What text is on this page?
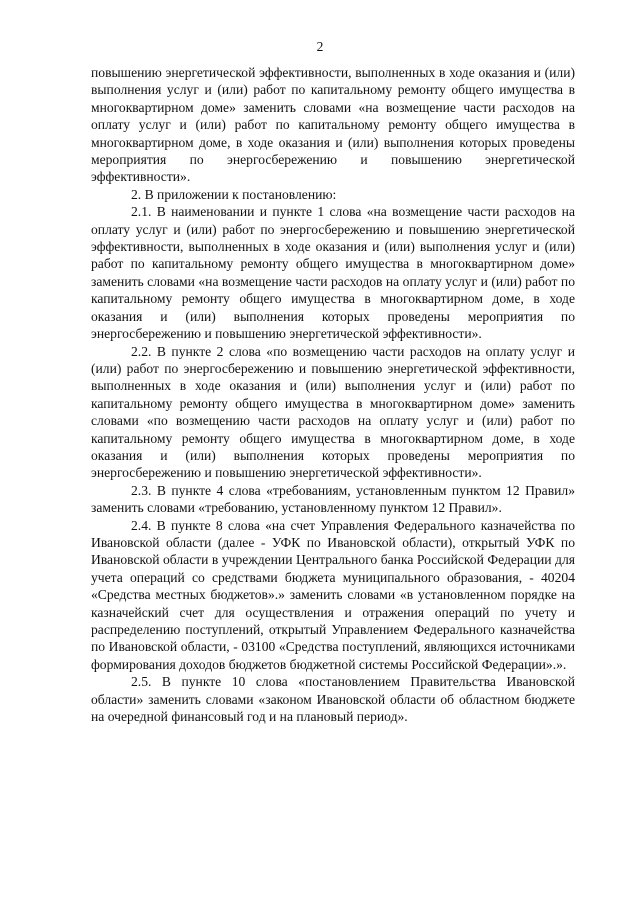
2

повышению энергетической эффективности, выполненных в ходе оказания и (или) выполнения услуг и (или) работ по капитальному ремонту общего имущества в многоквартирном доме» заменить словами «на возмещение части расходов на оплату услуг и (или) работ по капитальному ремонту общего имущества в многоквартирном доме, в ходе оказания и (или) выполнения которых проведены мероприятия по энергосбережению и повышению энергетической эффективности».

2. В приложении к постановлению:

2.1. В наименовании и пункте 1 слова «на возмещение части расходов на оплату услуг и (или) работ по энергосбережению и повышению энергетической эффективности, выполненных в ходе оказания и (или) выполнения услуг и (или) работ по капитальному ремонту общего имущества в многоквартирном доме» заменить словами «на возмещение части расходов на оплату услуг и (или) работ по капитальному ремонту общего имущества в многоквартирном доме, в ходе оказания и (или) выполнения которых проведены мероприятия по энергосбережению и повышению энергетической эффективности».

2.2. В пункте 2 слова «по возмещению части расходов на оплату услуг и (или) работ по энергосбережению и повышению энергетической эффективности, выполненных в ходе оказания и (или) выполнения услуг и (или) работ по капитальному ремонту общего имущества в многоквартирном доме» заменить словами «по возмещению части расходов на оплату услуг и (или) работ по капитальному ремонту общего имущества в многоквартирном доме, в ходе оказания и (или) выполнения которых проведены мероприятия по энергосбережению и повышению энергетической эффективности».

2.3. В пункте 4 слова «требованиям, установленным пунктом 12 Правил» заменить словами «требованию, установленному пунктом 12 Правил».

2.4. В пункте 8 слова «на счет Управления Федерального казначейства по Ивановской области (далее - УФК по Ивановской области), открытый УФК по Ивановской области в учреждении Центрального банка Российской Федерации для учета операций со средствами бюджета муниципального образования, - 40204 «Средства местных бюджетов».» заменить словами «в установленном порядке на казначейский счет для осуществления и отражения операций по учету и распределению поступлений, открытый Управлением Федерального казначейства по Ивановской области, - 03100 «Средства поступлений, являющихся источниками формирования доходов бюджетов бюджетной системы Российской Федерации».».

2.5. В пункте 10 слова «постановлением Правительства Ивановской области» заменить словами «законом Ивановской области об областном бюджете на очередной финансовый год и на плановый период».
